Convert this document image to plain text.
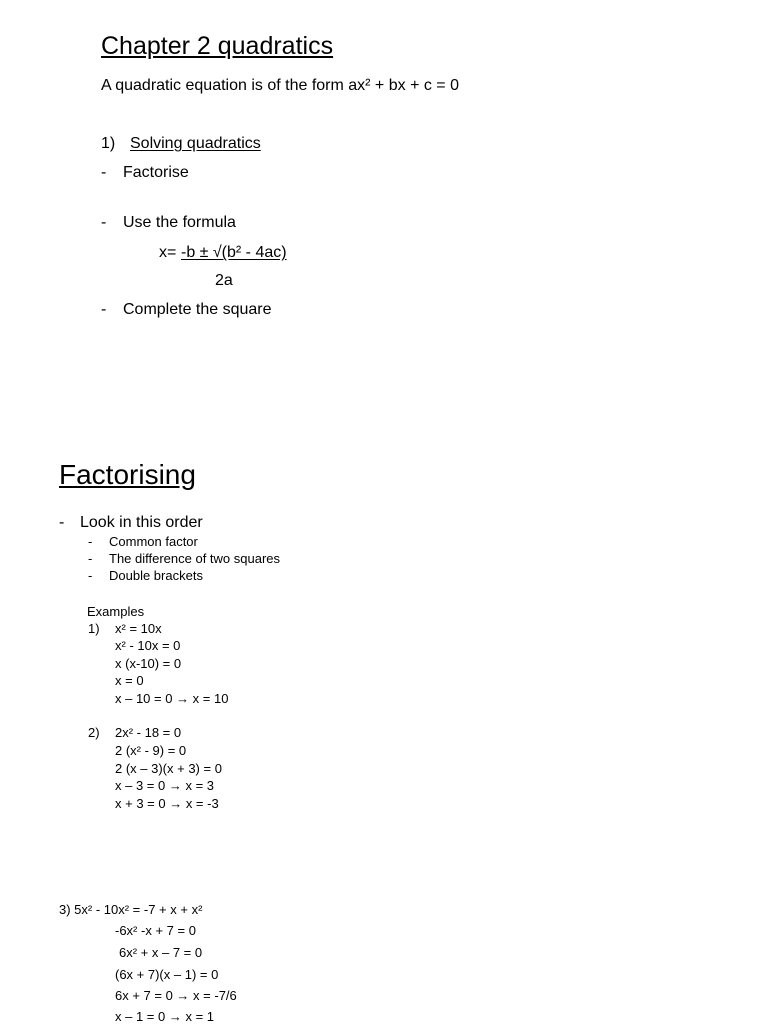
Chapter 2 quadratics
A quadratic equation is of the form ax² + bx + c = 0
1) Solving quadratics
- Factorise
- Use the formula
x= -b ± √(b² - 4ac)
2a
- Complete the square
Factorising
- Look in this order
- Common factor
- The difference of two squares
- Double brackets
Examples
1) x² = 10x
x² - 10x = 0
x (x-10) = 0
x = 0
x – 10 = 0 → x = 10
2) 2x² - 18 = 0
2 (x² - 9) = 0
2 (x – 3)(x + 3) = 0
x – 3 = 0 → x = 3
x + 3 = 0 → x = -3
3) 5x² - 10x² = -7 + x + x²
-6x² -x + 7 = 0
6x² + x – 7 = 0
(6x + 7)(x – 1) = 0
6x + 7 = 0 → x = -7/6
x – 1 = 0 → x = 1
